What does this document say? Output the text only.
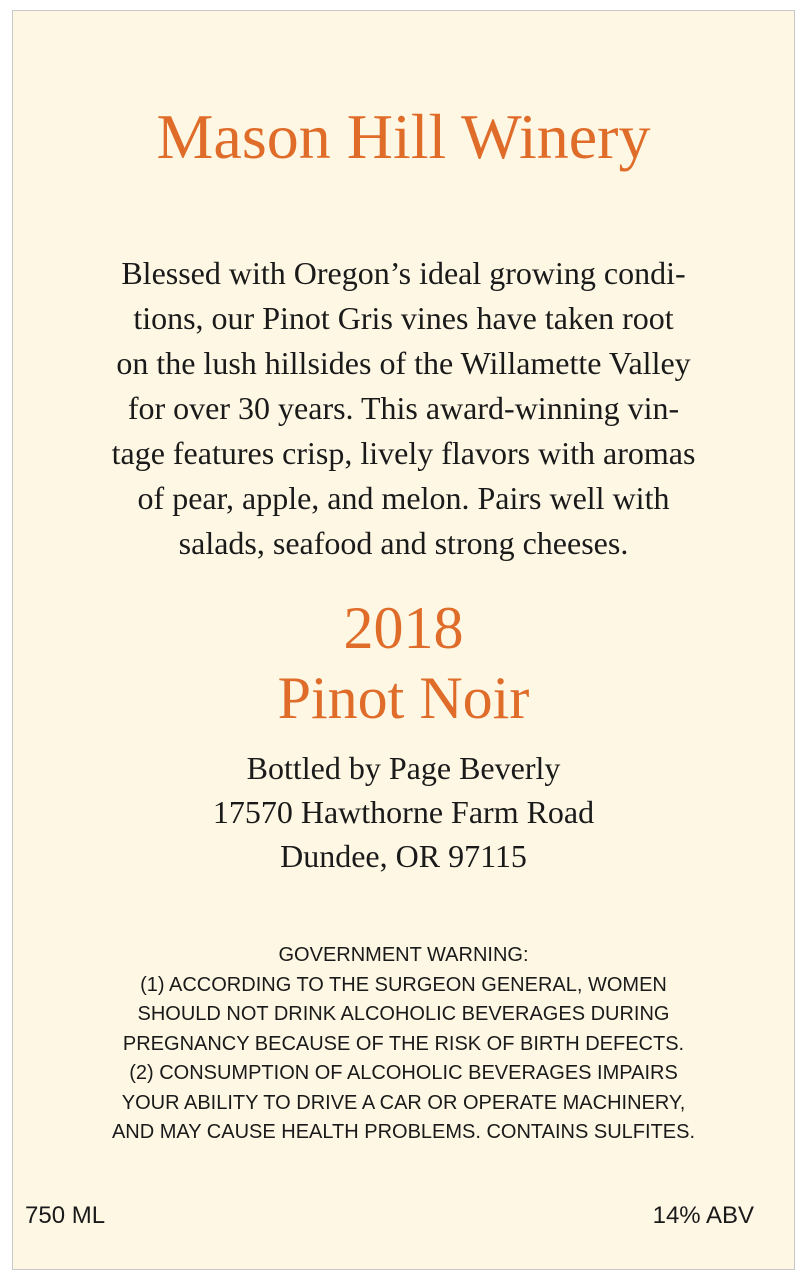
Mason Hill Winery
Blessed with Oregon’s ideal growing condi-
tions, our Pinot Gris vines have taken root
on the lush hillsides of the Willamette Valley
for over 30 years. This award-winning vin-
tage features crisp, lively flavors with aromas
of pear, apple, and melon. Pairs well with
salads, seafood and strong cheeses.
2018
Pinot Noir
Bottled by Page Beverly
17570 Hawthorne Farm Road
Dundee, OR 97115
GOVERNMENT WARNING:
(1) ACCORDING TO THE SURGEON GENERAL, WOMEN
SHOULD NOT DRINK ALCOHOLIC BEVERAGES DURING
PREGNANCY BECAUSE OF THE RISK OF BIRTH DEFECTS.
(2) CONSUMPTION OF ALCOHOLIC BEVERAGES IMPAIRS
YOUR ABILITY TO DRIVE A CAR OR OPERATE MACHINERY,
AND MAY CAUSE HEALTH PROBLEMS. CONTAINS SULFITES.
750 ML	14% ABV
